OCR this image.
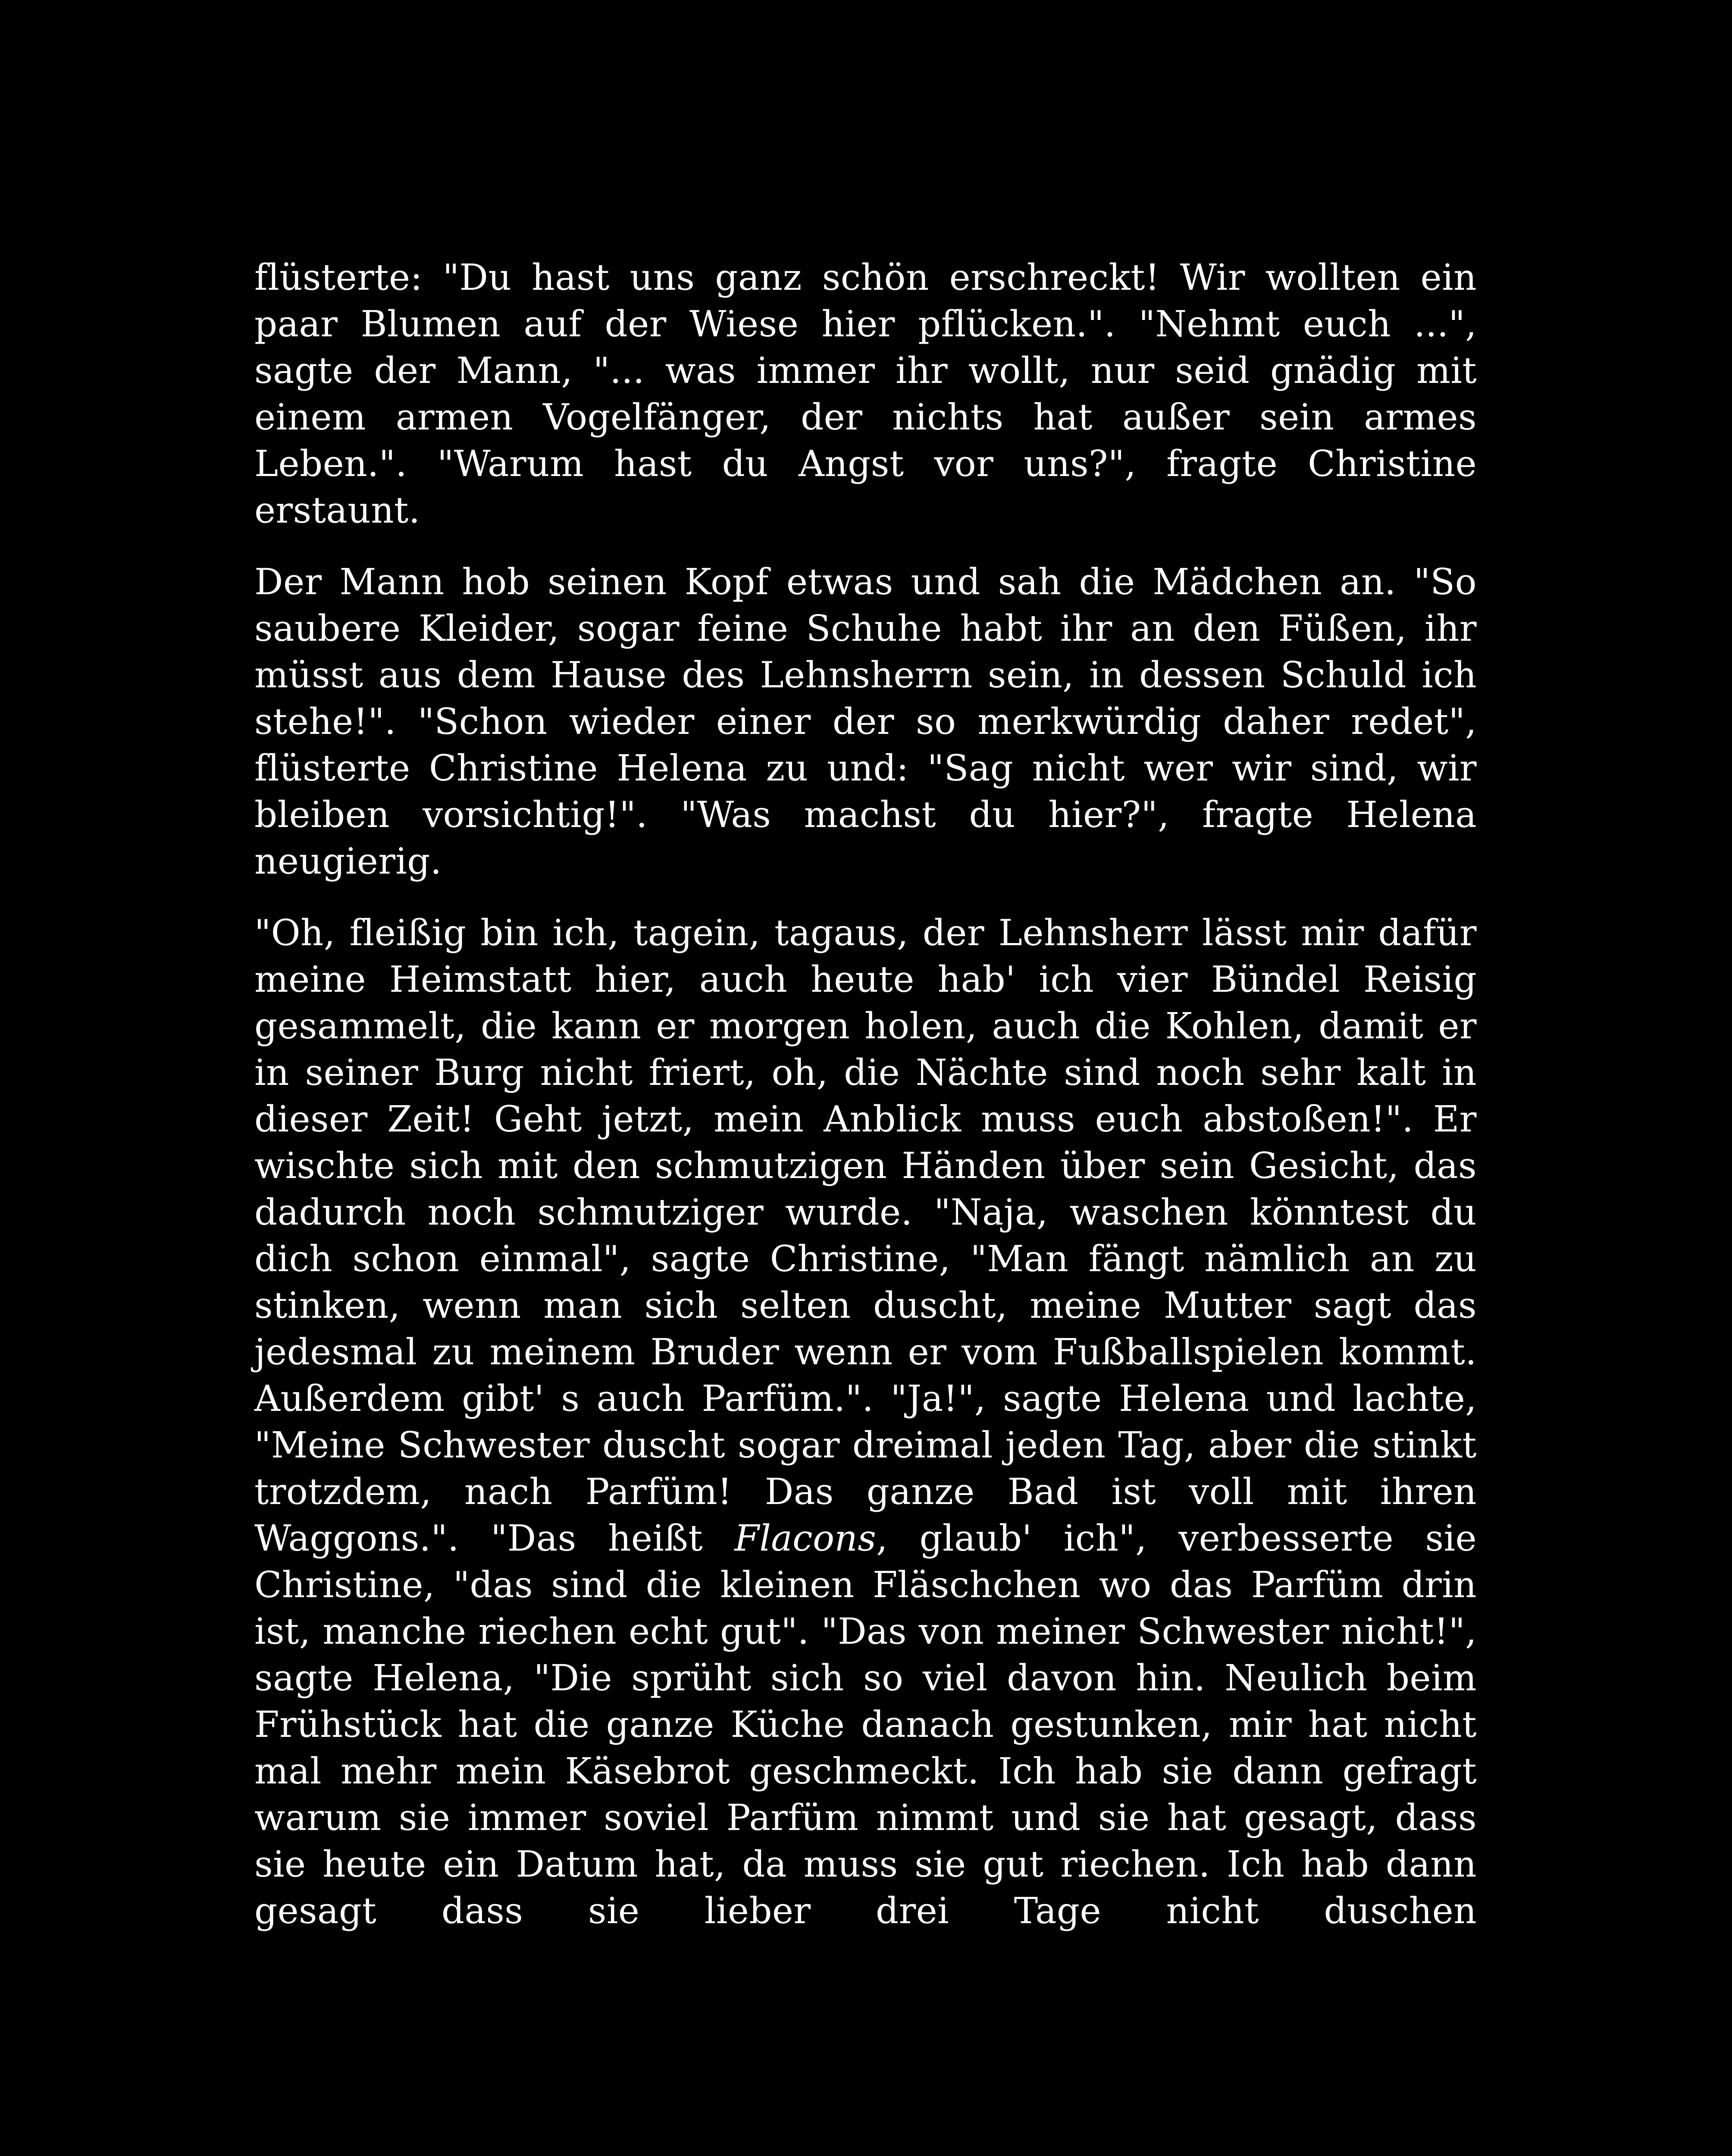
flüsterte: "Du hast uns ganz schön erschreckt! Wir wollten ein paar Blumen auf der Wiese hier pflücken.". "Nehmt euch ...", sagte der Mann, "... was immer ihr wollt, nur seid gnädig mit einem armen Vogelfänger, der nichts hat außer sein armes Leben.". "Warum hast du Angst vor uns?", fragte Christine erstaunt.

Der Mann hob seinen Kopf etwas und sah die Mädchen an. "So saubere Kleider, sogar feine Schuhe habt ihr an den Füßen, ihr müsst aus dem Hause des Lehnsherrn sein, in dessen Schuld ich stehe!". "Schon wieder einer der so merkwürdig daher redet", flüsterte Christine Helena zu und: "Sag nicht wer wir sind, wir bleiben vorsichtig!". "Was machst du hier?", fragte Helena neugierig.

"Oh, fleißig bin ich, tagein, tagaus, der Lehnsherr lässt mir dafür meine Heimstatt hier, auch heute hab' ich vier Bündel Reisig gesammelt, die kann er morgen holen, auch die Kohlen, damit er in seiner Burg nicht friert, oh, die Nächte sind noch sehr kalt in dieser Zeit! Geht jetzt, mein Anblick muss euch abstoßen!". Er wischte sich mit den schmutzigen Händen über sein Gesicht, das dadurch noch schmutziger wurde. "Naja, waschen könntest du dich schon einmal", sagte Christine, "Man fängt nämlich an zu stinken, wenn man sich selten duscht, meine Mutter sagt das jedesmal zu meinem Bruder wenn er vom Fußballspielen kommt. Außerdem gibt' s auch Parfüm.". "Ja!", sagte Helena und lachte, "Meine Schwester duscht sogar dreimal jeden Tag, aber die stinkt trotzdem, nach Parfüm! Das ganze Bad ist voll mit ihren Waggons.". "Das heißt Flacons, glaub' ich", verbesserte sie Christine, "das sind die kleinen Fläschchen wo das Parfüm drin ist, manche riechen echt gut". "Das von meiner Schwester nicht!", sagte Helena, "Die sprüht sich so viel davon hin. Neulich beim Frühstück hat die ganze Küche danach gestunken, mir hat nicht mal mehr mein Käsebrot geschmeckt. Ich hab sie dann gefragt warum sie immer soviel Parfüm nimmt und sie hat gesagt, dass sie heute ein Datum hat, da muss sie gut riechen. Ich hab dann gesagt dass sie lieber drei Tage nicht duschen
